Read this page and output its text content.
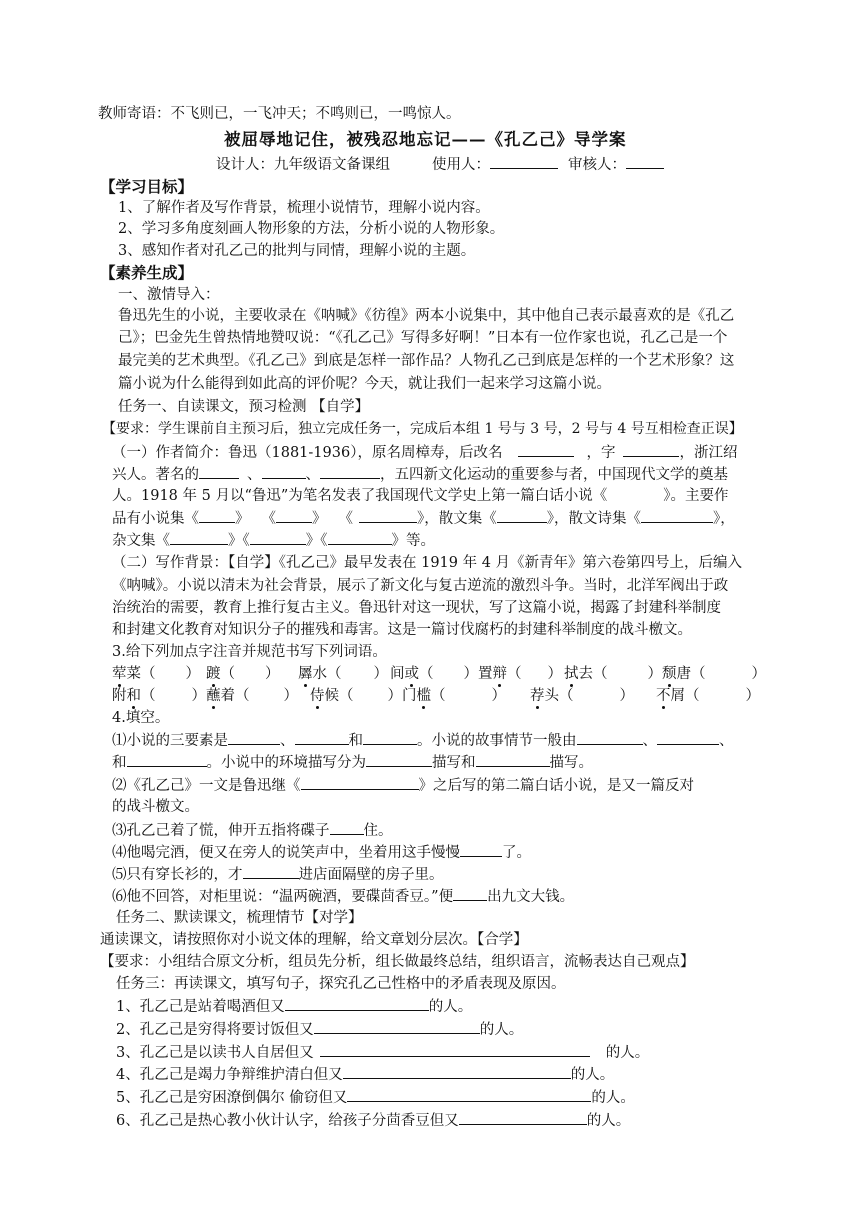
教师寄语：不飞则已，一飞冲天；不鸣则已，一鸣惊人。
被屈辱地记住，被残忍地忘记——《孔乙己》导学案
设计人：九年级语文备课组	使用人：	审核人：
【学习目标】
1、了解作者及写作背景，梳理小说情节，理解小说内容。
2、学习多角度刻画人物形象的方法，分析小说的人物形象。
3、感知作者对孔乙己的批判与同情，理解小说的主题。
【素养生成】
一、激情导入：
鲁迅先生的小说，主要收录在《呐喊》《彷徨》两本小说集中，其中他自己表示最喜欢的是《孔乙
己》；巴金先生曾热情地赞叹说：“《孔乙己》写得多好啊！”日本有一位作家也说，孔乙己是一个
最完美的艺术典型。《孔乙己》到底是怎样一部作品？人物孔乙己到底是怎样的一个艺术形象？这
篇小说为什么能得到如此高的评价呢？今天，就让我们一起来学习这篇小说。
任务一、自读课文，预习检测 【自学】
【要求：学生课前自主预习后，独立完成任务一，完成后本组 1 号与 3 号，2 号与 4 号互相检查正误】
（一）作者简介：鲁迅（1881-1936），原名周樟寿，后改名	，字	，浙江绍
兴人。著名的	、	、	，五四新文化运动的重要参与者，中国现代文学的奠基
人。1918 年 5 月以“鲁迅”为笔名发表了我国现代文学史上第一篇白话小说《	》。主要作
品有小说集《 》 《 》 《	》，散文集《	》，散文诗集《	》，
杂文集《	》《	》《	》等。
（二）写作背景：【自学】《孔乙己》最早发表在 1919 年 4 月《新青年》第六卷第四号上，后编入
《呐喊》。小说以清末为社会背景，展示了新文化与复古逆流的激烈斗争。当时，北洋军阀出于政
治统治的需要，教育上推行复古主义。鲁迅针对这一现状，写了这篇小说，揭露了封建科举制度
和封建文化教育对知识分子的摧残和毒害。这是一篇讨伐腐朽的封建科举制度的战斗檄文。
3.给下列加点字注音并规范书写下列词语。
荤菜（ ） 踱（ ） 羼水（ ） 间或（ ） 置辩（ ） 拭去（	） 颓唐（	）
附和（ ） 蘸着（ ） 侍候（ ） 门槛（	） 荐头（	） 不屑（	）
4.填空。
⑴小说的三要素是	、	和	。小说的故事情节一般由	、	、
和	。小说中的环境描写分为	描写和	描写。
⑵《孔乙己》一文是鲁迅继《	》之后写的第二篇白话小说，是又一篇反对
的战斗檄文。
⑶孔乙己着了慌，伸开五指将碟子 住。
⑷他喝完酒，便又在旁人的说笑声中，坐着用这手慢慢	了。
⑸只有穿长衫的，才	进店面隔壁的房子里。
⑹他不回答，对柜里说：“温两碗酒，要碟茴香豆。”便 出九文大钱。
任务二、默读课文，梳理情节【对学】
通读课文，请按照你对小说文体的理解，给文章划分层次。【合学】
【要求：小组结合原文分析，组员先分析，组长做最终总结，组织语言，流畅表达自己观点】
任务三：再读课文，填写句子，探究孔乙己性格中的矛盾表现及原因。
1、孔乙己是站着喝酒但又	的人。
2、孔乙己是穷得将要讨饭但又	的人。
3、孔乙己是以读书人自居但又	的人。
4、孔乙己是竭力争辩维护清白但又	的人。
5、孔乙己是穷困潦倒偶尔 偷窃但又	的人。
6、孔乙己是热心教小伙计认字，给孩子分茴香豆但又	的人。
